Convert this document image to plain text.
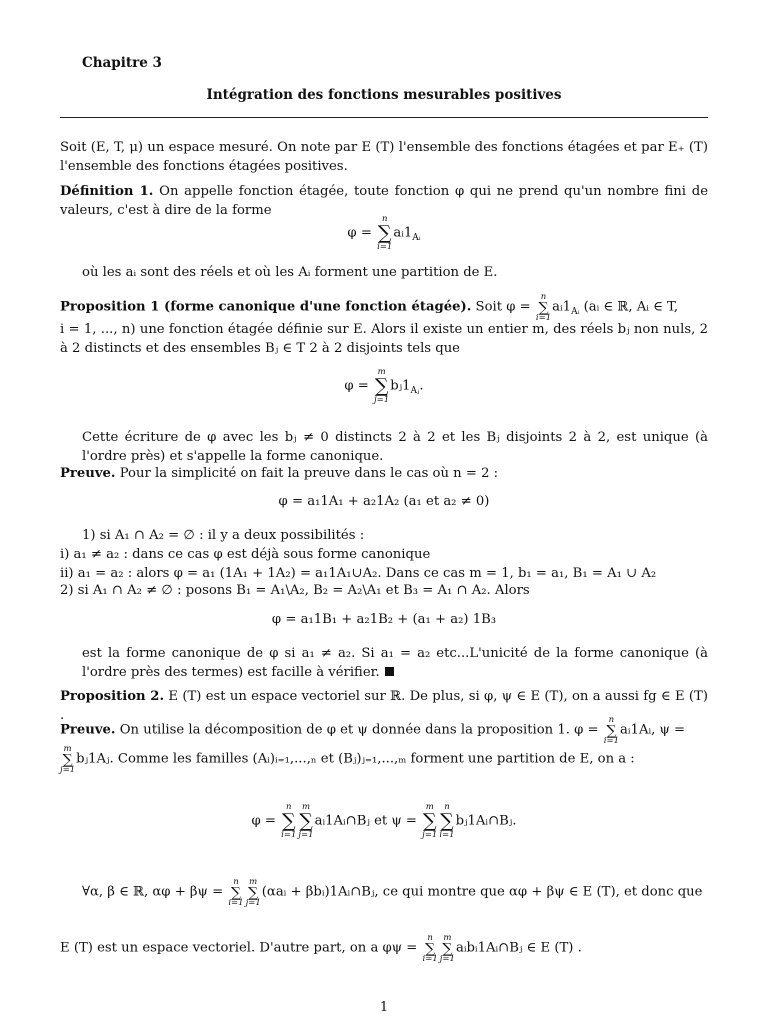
Chapitre 3
Intégration des fonctions mesurables positives
Soit (E, T, μ) un espace mesuré. On note par E (T) l'ensemble des fonctions étagées et par E₊ (T) l'ensemble des fonctions étagées positives.
Définition 1. On appelle fonction étagée, toute fonction φ qui ne prend qu'un nombre fini de valeurs, c'est à dire de la forme
φ =
n
∑
i=1
$aᵢ1_{Aᵢ}$
où les aᵢ sont des réels et où les Aᵢ forment une partition de E.
Proposition 1 (forme canonique d'une fonction étagée). Soit φ =
n
∑
i=1
$aᵢ1_{Aᵢ}$ (aᵢ ∈ ℝ, Aᵢ ∈ T,
i = 1, ..., n) une fonction étagée définie sur E. Alors il existe un entier m, des réels bⱼ non nuls, 2 à 2 distincts et des ensembles Bⱼ ∈ T 2 à 2 disjoints tels que
φ =
m
∑
j=1
$bⱼ1_{Aⱼ}$.
Cette écriture de φ avec les bⱼ ≠ 0 distincts 2 à 2 et les Bⱼ disjoints 2 à 2, est unique (à l'ordre près) et s'appelle la forme canonique.
Preuve. Pour la simplicité on fait la preuve dans le cas où n = 2 :
φ = a₁1A₁ + a₂1A₂ (a₁ et a₂ ≠ 0)
1) si A₁ ∩ A₂ = ∅ : il y a deux possibilités :
i) a₁ ≠ a₂ : dans ce cas φ est déjà sous forme canonique
ii) a₁ = a₂ : alors φ = a₁ (1A₁ + 1A₂) = a₁1A₁∪A₂. Dans ce cas m = 1, b₁ = a₁, B₁ = A₁ ∪ A₂
2) si A₁ ∩ A₂ ≠ ∅ : posons B₁ = A₁\A₂, B₂ = A₂\A₁ et B₃ = A₁ ∩ A₂. Alors
φ = a₁1B₁ + a₂1B₂ + (a₁ + a₂) 1B₃
est la forme canonique de φ si a₁ ≠ a₂. Si a₁ = a₂ etc...L'unicité de la forme canonique (à l'ordre près des termes) est facille à vérifier.
Proposition 2. E (T) est un espace vectoriel sur ℝ. De plus, si φ, ψ ∈ E (T), on a aussi fg ∈ E (T) .
Preuve. On utilise la décomposition de φ et ψ donnée dans la proposition 1. φ =
n
∑
i=1
aᵢ1Aᵢ, ψ =
m
∑
j=1
bⱼ1Aⱼ. Comme les familles (Aᵢ)ᵢ₌₁,...,ₙ et (Bⱼ)ⱼ₌₁,...,ₘ forment une partition de E, on a :
φ =
n
∑
i=1
m
∑
j=1
aᵢ1Aᵢ∩Bⱼ et ψ =
m
∑
j=1
n
∑
i=1
bⱼ1Aᵢ∩Bⱼ.
∀α, β ∈ ℝ, αφ + βψ =
n
∑
i=1
m
∑
j=1
(αaᵢ + βbᵢ)1Aᵢ∩Bⱼ, ce qui montre que αφ + βψ ∈ E (T), et donc que
E (T) est un espace vectoriel. D'autre part, on a φψ =
n
∑
i=1
m
∑
j=1
aᵢbᵢ1Aᵢ∩Bⱼ ∈ E (T) .
1
